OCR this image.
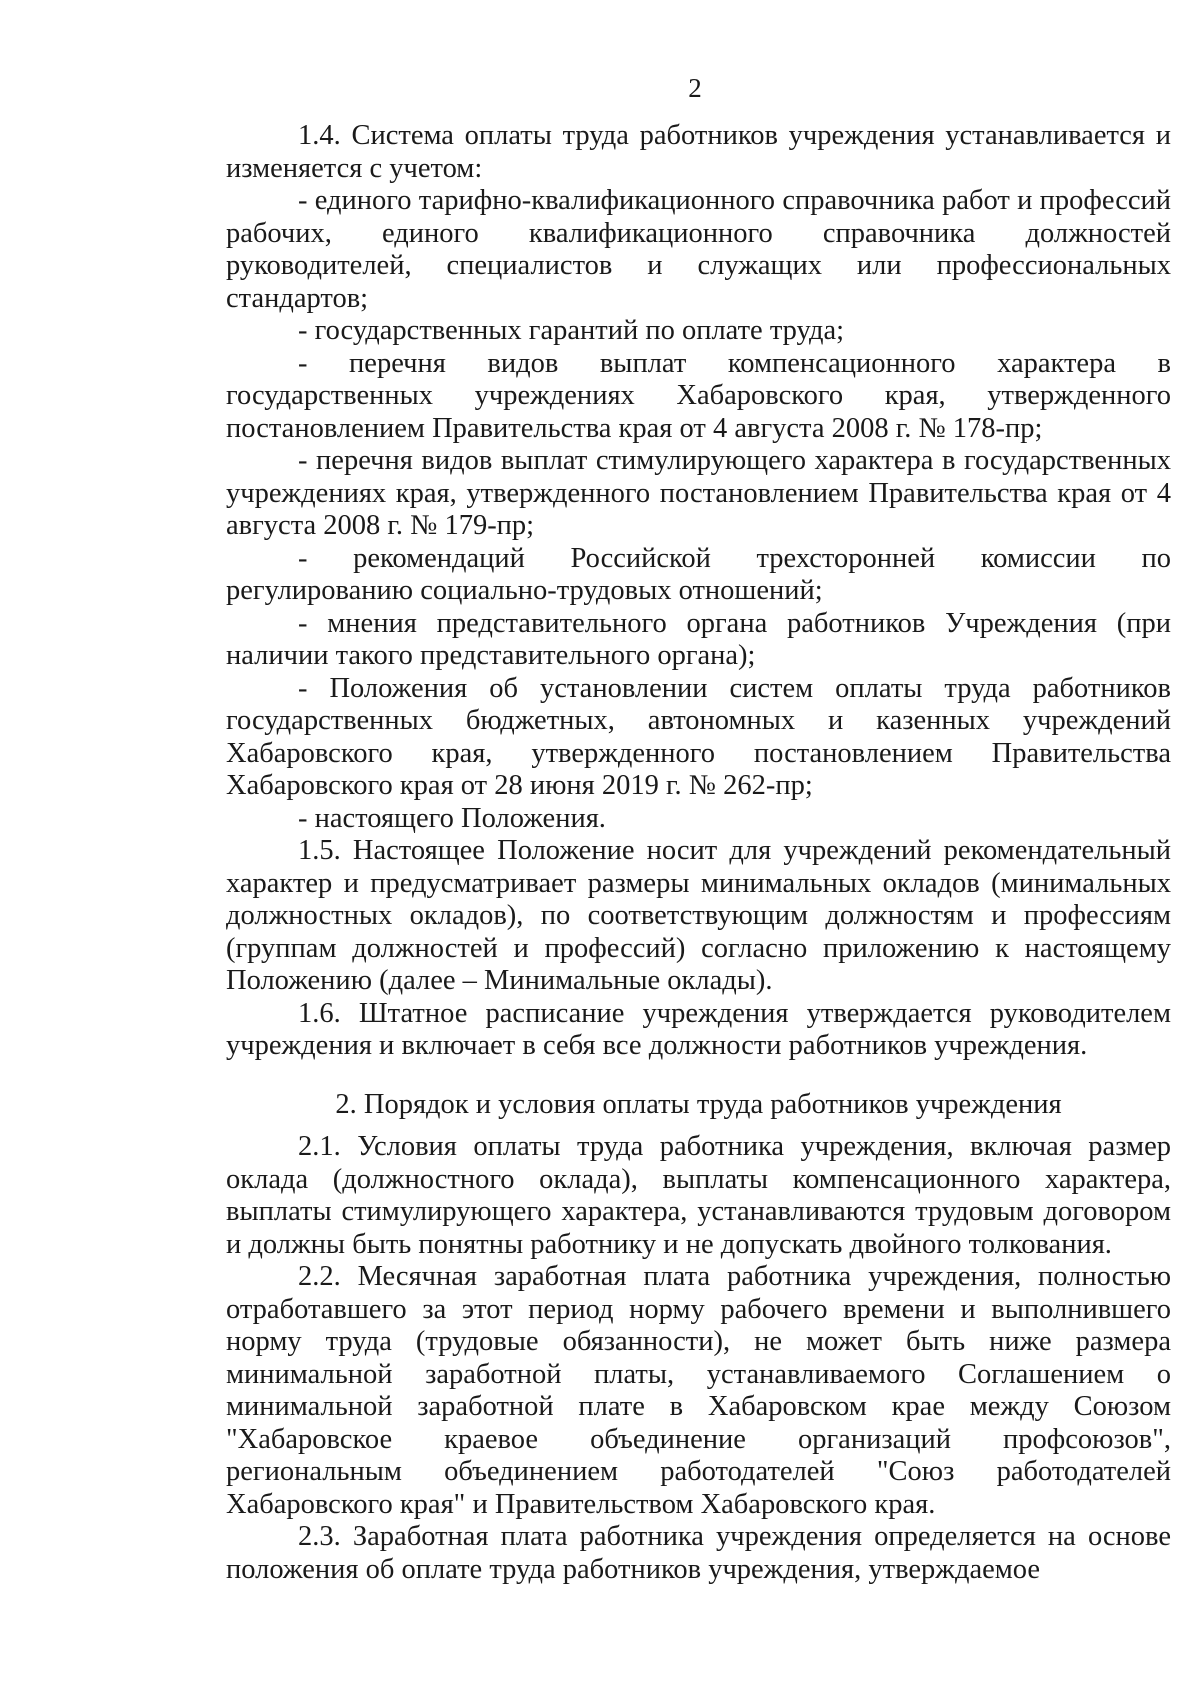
2

1.4. Система оплаты труда работников учреждения устанавливается и изменяется с учетом:

- единого тарифно-квалификационного справочника работ и профессий рабочих, единого квалификационного справочника должностей руководителей, специалистов и служащих или профессиональных стандартов;

- государственных гарантий по оплате труда;

- перечня видов выплат компенсационного характера в государственных учреждениях Хабаровского края, утвержденного постановлением Правительства края от 4 августа 2008 г. № 178-пр;

- перечня видов выплат стимулирующего характера в государственных учреждениях края, утвержденного постановлением Правительства края от 4 августа 2008 г. № 179-пр;

- рекомендаций Российской трехсторонней комиссии по регулированию социально-трудовых отношений;

- мнения представительного органа работников Учреждения (при наличии такого представительного органа);

- Положения об установлении систем оплаты труда работников государственных бюджетных, автономных и казенных учреждений Хабаровского края, утвержденного постановлением Правительства Хабаровского края от 28 июня 2019 г. № 262-пр;

- настоящего Положения.

1.5. Настоящее Положение носит для учреждений рекомендательный характер и предусматривает размеры минимальных окладов (минимальных должностных окладов), по соответствующим должностям и профессиям (группам должностей и профессий) согласно приложению к настоящему Положению (далее – Минимальные оклады).

1.6. Штатное расписание учреждения утверждается руководителем учреждения и включает в себя все должности работников учреждения.

2. Порядок и условия оплаты труда работников учреждения

2.1. Условия оплаты труда работника учреждения, включая размер оклада (должностного оклада), выплаты компенсационного характера, выплаты стимулирующего характера, устанавливаются трудовым договором и должны быть понятны работнику и не допускать двойного толкования.

2.2. Месячная заработная плата работника учреждения, полностью отработавшего за этот период норму рабочего времени и выполнившего норму труда (трудовые обязанности), не может быть ниже размера минимальной заработной платы, устанавливаемого Соглашением о минимальной заработной плате в Хабаровском крае между Союзом "Хабаровское краевое объединение организаций профсоюзов", региональным объединением работодателей "Союз работодателей Хабаровского края" и Правительством Хабаровского края.

2.3. Заработная плата работника учреждения определяется на основе положения об оплате труда работников учреждения, утверждаемое
